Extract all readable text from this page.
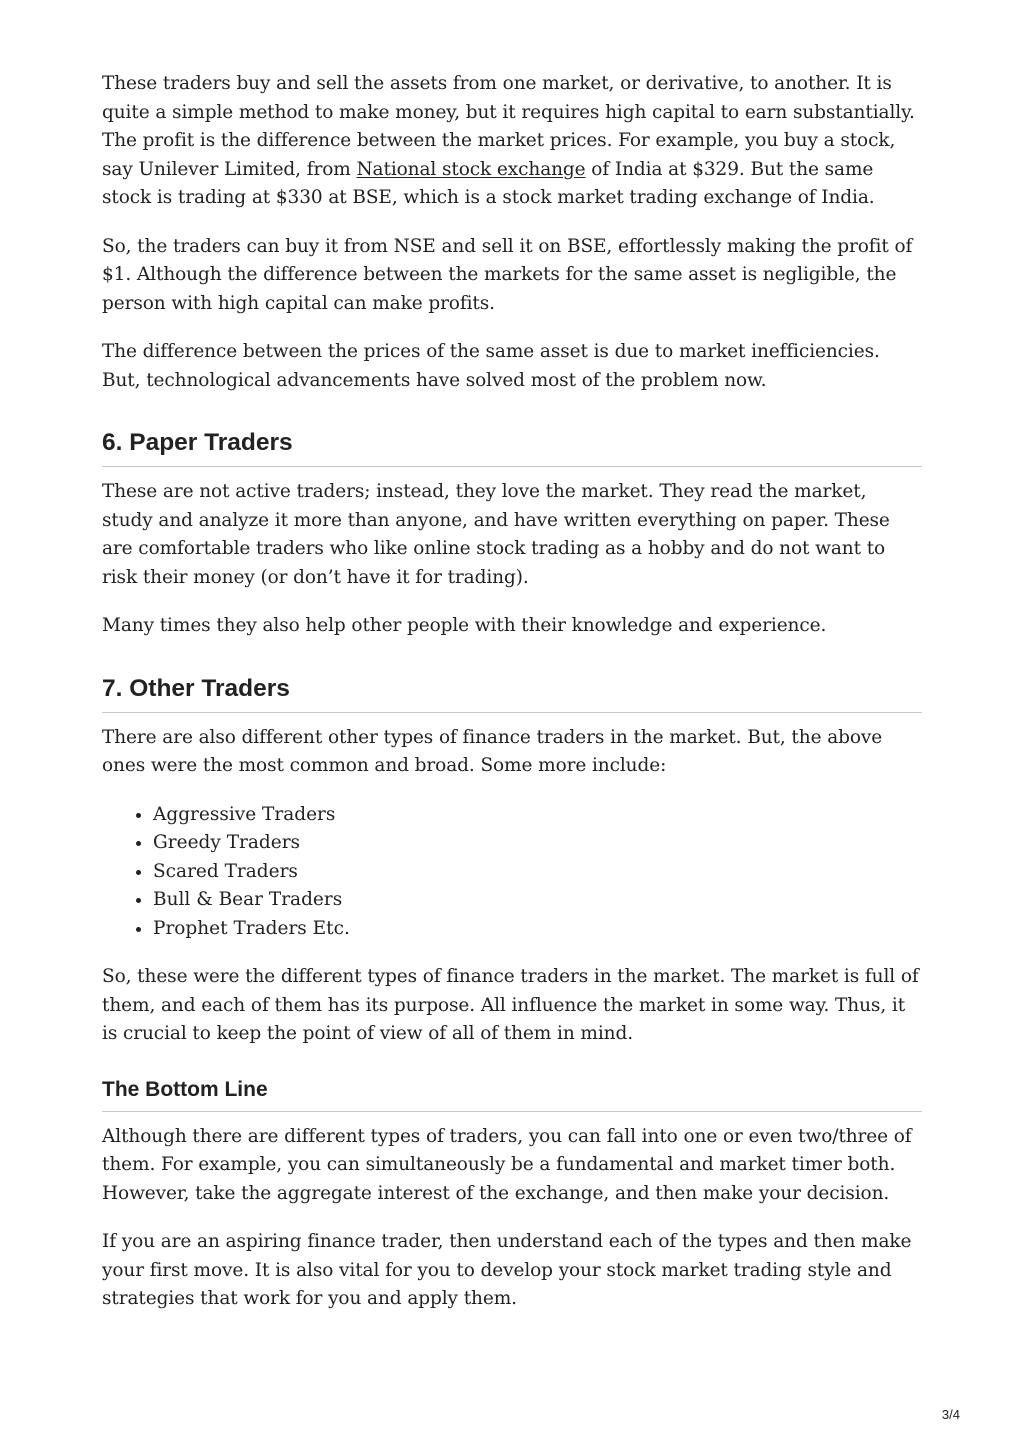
These traders buy and sell the assets from one market, or derivative, to another. It is quite a simple method to make money, but it requires high capital to earn substantially. The profit is the difference between the market prices. For example, you buy a stock, say Unilever Limited, from National stock exchange of India at $329. But the same stock is trading at $330 at BSE, which is a stock market trading exchange of India.

So, the traders can buy it from NSE and sell it on BSE, effortlessly making the profit of $1. Although the difference between the markets for the same asset is negligible, the person with high capital can make profits.

The difference between the prices of the same asset is due to market inefficiencies. But, technological advancements have solved most of the problem now.

6. Paper Traders

These are not active traders; instead, they love the market. They read the market, study and analyze it more than anyone, and have written everything on paper. These are comfortable traders who like online stock trading as a hobby and do not want to risk their money (or don’t have it for trading).

Many times they also help other people with their knowledge and experience.

7. Other Traders

There are also different other types of finance traders in the market. But, the above ones were the most common and broad. Some more include:

• Aggressive Traders
• Greedy Traders
• Scared Traders
• Bull & Bear Traders
• Prophet Traders Etc.

So, these were the different types of finance traders in the market. The market is full of them, and each of them has its purpose. All influence the market in some way. Thus, it is crucial to keep the point of view of all of them in mind.

The Bottom Line

Although there are different types of traders, you can fall into one or even two/three of them. For example, you can simultaneously be a fundamental and market timer both. However, take the aggregate interest of the exchange, and then make your decision.

If you are an aspiring finance trader, then understand each of the types and then make your first move. It is also vital for you to develop your stock market trading style and strategies that work for you and apply them.

3/4
